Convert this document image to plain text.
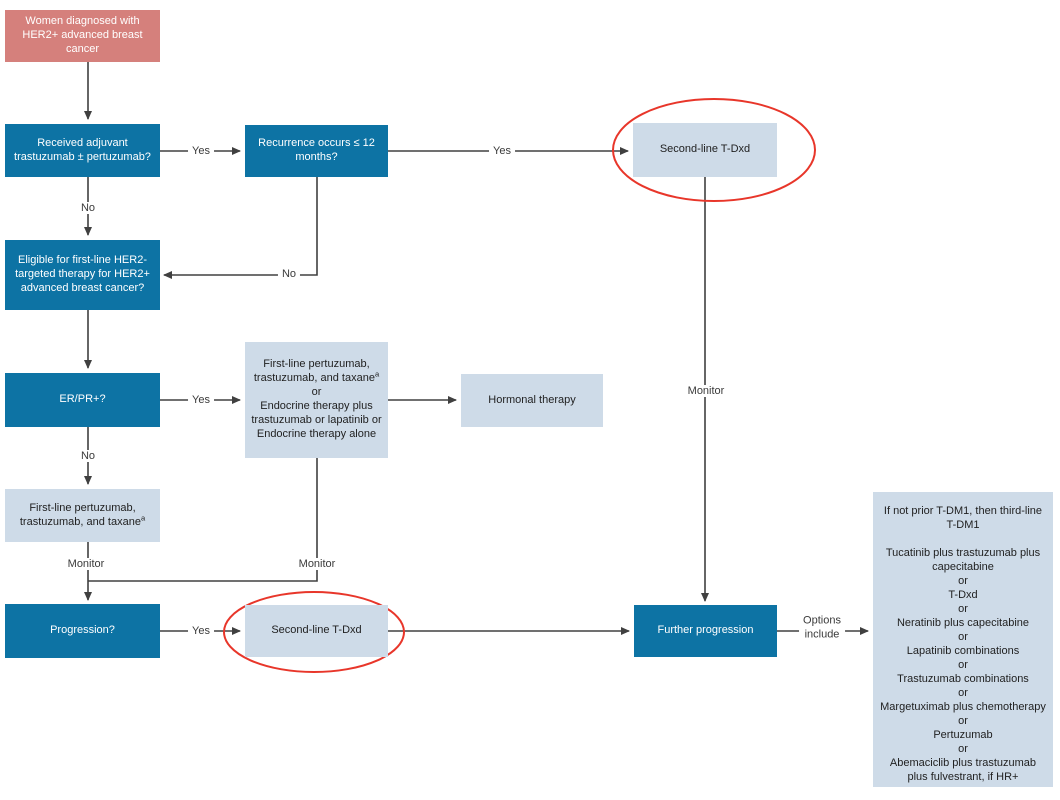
Women diagnosed with HER2+ advanced breast cancer
Received adjuvant trastuzumab ± pertuzumab?
Recurrence occurs ≤ 12 months?
Second-line T-Dxd
Eligible for first-line HER2-targeted therapy for HER2+ advanced breast cancer?
ER/PR+?
First-line pertuzumab,
trastuzumab, and taxane$^a$
or
Endocrine therapy plus
trastuzumab or lapatinib or
Endocrine therapy alone
Hormonal therapy
First-line pertuzumab,
trastuzumab, and taxane$^a$
Progression?	Second-line T-Dxd	Further progression
If not prior T-DM1, then third-line
T-DM1

Tucatinib plus trastuzumab plus
capecitabine
or
T-Dxd
or
Neratinib plus capecitabine
or
Lapatinib combinations
or
Trastuzumab combinations
or
Margetuximab plus chemotherapy
or
Pertuzumab
or
Abemaciclib plus trastuzumab
plus fulvestrant, if HR+
Yes	Yes
No
No
Yes
No
Monitor	Monitor
Monitor
Yes
Options
include
